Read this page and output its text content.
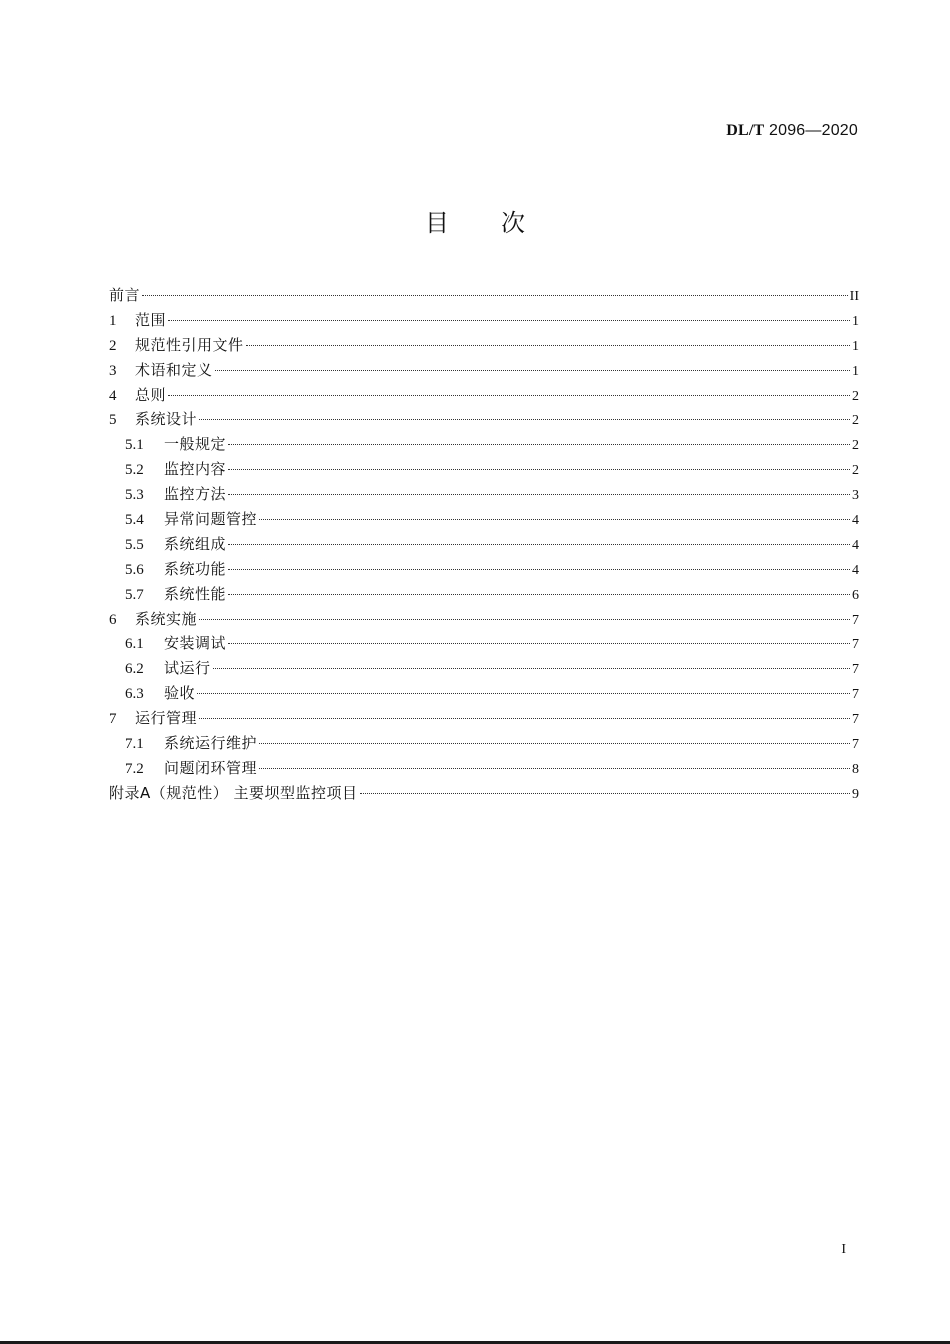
DL/T 2096—2020
目次
前言	II
1	范围	1
2	规范性引用文件	1
3	术语和定义	1
4	总则	2
5	系统设计	2
5.1	一般规定	2
5.2	监控内容	2
5.3	监控方法	3
5.4	异常问题管控	4
5.5	系统组成	4
5.6	系统功能	4
5.7	系统性能	6
6	系统实施	7
6.1	安装调试	7
6.2	试运行	7
6.3	验收	7
7	运行管理	7
7.1	系统运行维护	7
7.2	问题闭环管理	8
附录A（规范性） 主要坝型监控项目	9
I
